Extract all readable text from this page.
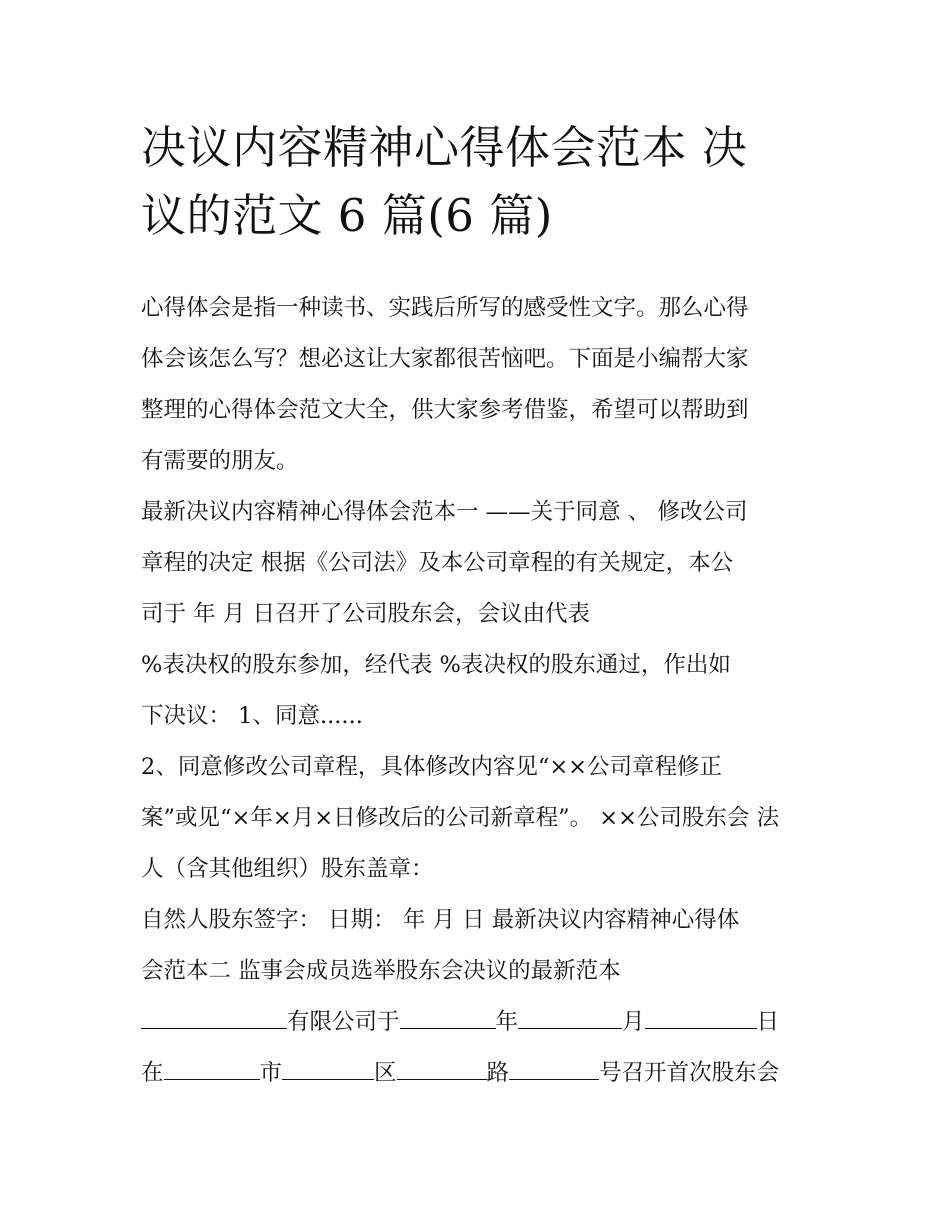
决议内容精神心得体会范本 决
议的范文 6 篇(6 篇)
心得体会是指一种读书、实践后所写的感受性文字。那么心得
体会该怎么写？想必这让大家都很苦恼吧。下面是小编帮大家
整理的心得体会范文大全，供大家参考借鉴，希望可以帮助到
有需要的朋友。
最新决议内容精神心得体会范本一 ——关于同意 、 修改公司
章程的决定 根据《公司法》及本公司章程的有关规定，本公
司于 年 月 日召开了公司股东会，会议由代表
%表决权的股东参加，经代表 %表决权的股东通过，作出如
下决议： 1、同意......
2、同意修改公司章程，具体修改内容见“××公司章程修正
案”或见“×年×月×日修改后的公司新章程”。 ××公司股东会 法
人（含其他组织）股东盖章：
自然人股东签字： 日期： 年 月 日 最新决议内容精神心得体
会范本二 监事会成员选举股东会决议的最新范本
有限公司于	年	月	日
在	市	区	路	号召开首次股东会
